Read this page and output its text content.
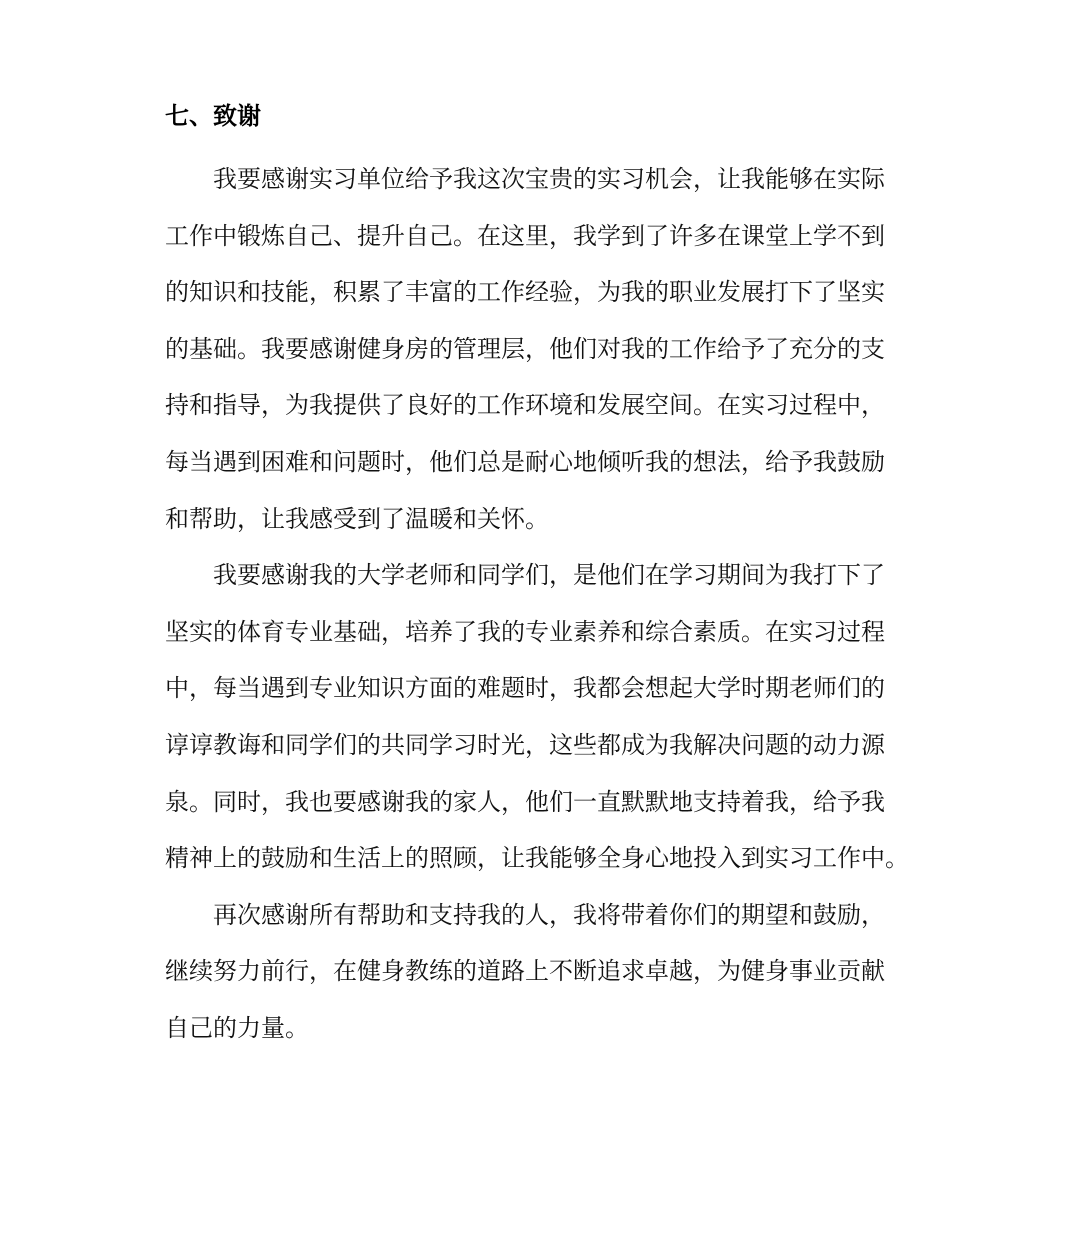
七、致谢

我要感谢实习单位给予我这次宝贵的实习机会，让我能够在实际
工作中锻炼自己、提升自己。在这里，我学到了许多在课堂上学不到
的知识和技能，积累了丰富的工作经验，为我的职业发展打下了坚实
的基础。我要感谢健身房的管理层，他们对我的工作给予了充分的支
持和指导，为我提供了良好的工作环境和发展空间。在实习过程中，
每当遇到困难和问题时，他们总是耐心地倾听我的想法，给予我鼓励
和帮助，让我感受到了温暖和关怀。

我要感谢我的大学老师和同学们，是他们在学习期间为我打下了
坚实的体育专业基础，培养了我的专业素养和综合素质。在实习过程
中，每当遇到专业知识方面的难题时，我都会想起大学时期老师们的
谆谆教诲和同学们的共同学习时光，这些都成为我解决问题的动力源
泉。同时，我也要感谢我的家人，他们一直默默地支持着我，给予我
精神上的鼓励和生活上的照顾，让我能够全身心地投入到实习工作中。

再次感谢所有帮助和支持我的人，我将带着你们的期望和鼓励，
继续努力前行，在健身教练的道路上不断追求卓越，为健身事业贡献
自己的力量。
